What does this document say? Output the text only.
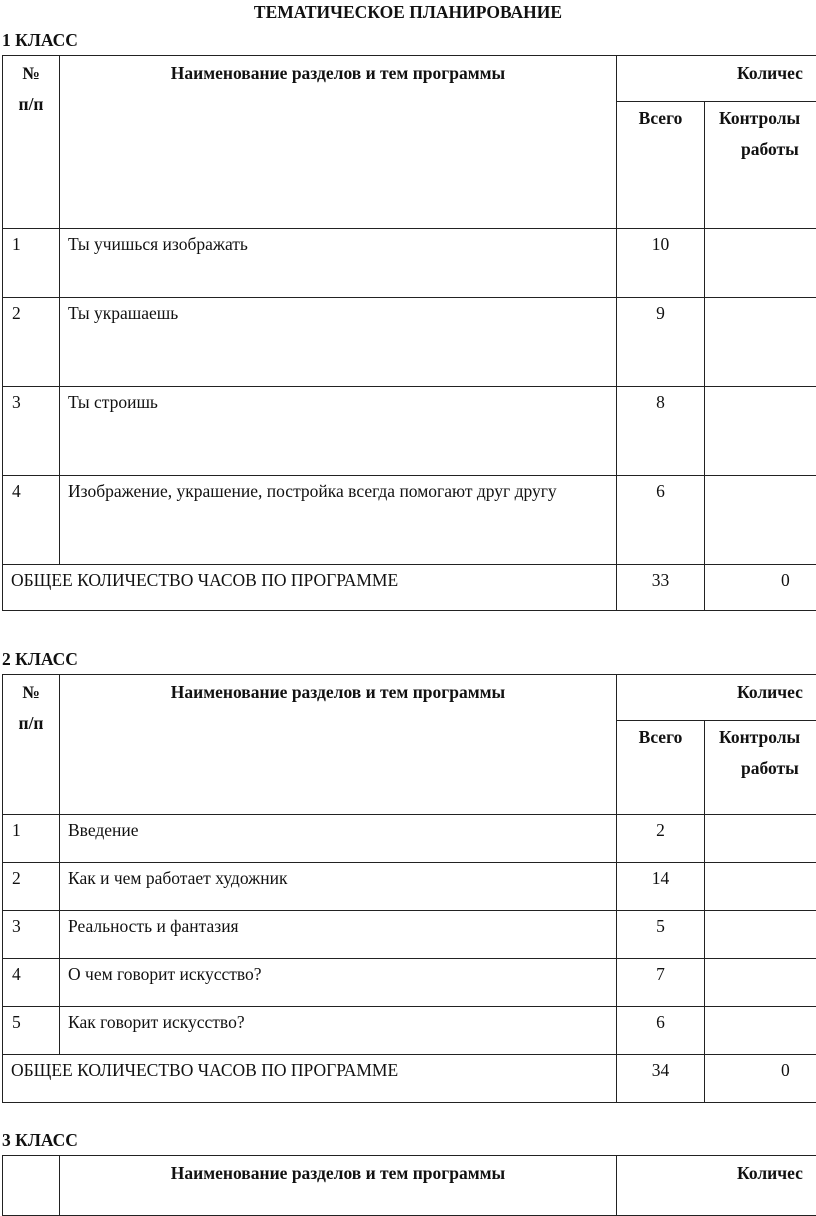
ТЕМАТИЧЕСКОЕ ПЛАНИРОВАНИЕ
1 КЛАСС
№
п/п	Наименование разделов и тем программы	Количес	
		Всего	Контролы
работы

1	Ты учишься изображать	10	
2	Ты украшаешь	9	
3	Ты строишь	8	
4	Изображение, украшение, постройка всегда помогают друг другу	6	
ОБЩЕЕ КОЛИЧЕСТВО ЧАСОВ ПО ПРОГРАММЕ		33	0
2 КЛАСС
№
п/п	Наименование разделов и тем программы	Количес	
		Всего	Контролы
работы

1	Введение	2	
2	Как и чем работает художник	14	
3	Реальность и фантазия	5	
4	О чем говорит искусство?	7	
5	Как говорит искусство?	6	
ОБЩЕЕ КОЛИЧЕСТВО ЧАСОВ ПО ПРОГРАММЕ		34	0
3 КЛАСС
	Наименование разделов и тем программы	Количес
